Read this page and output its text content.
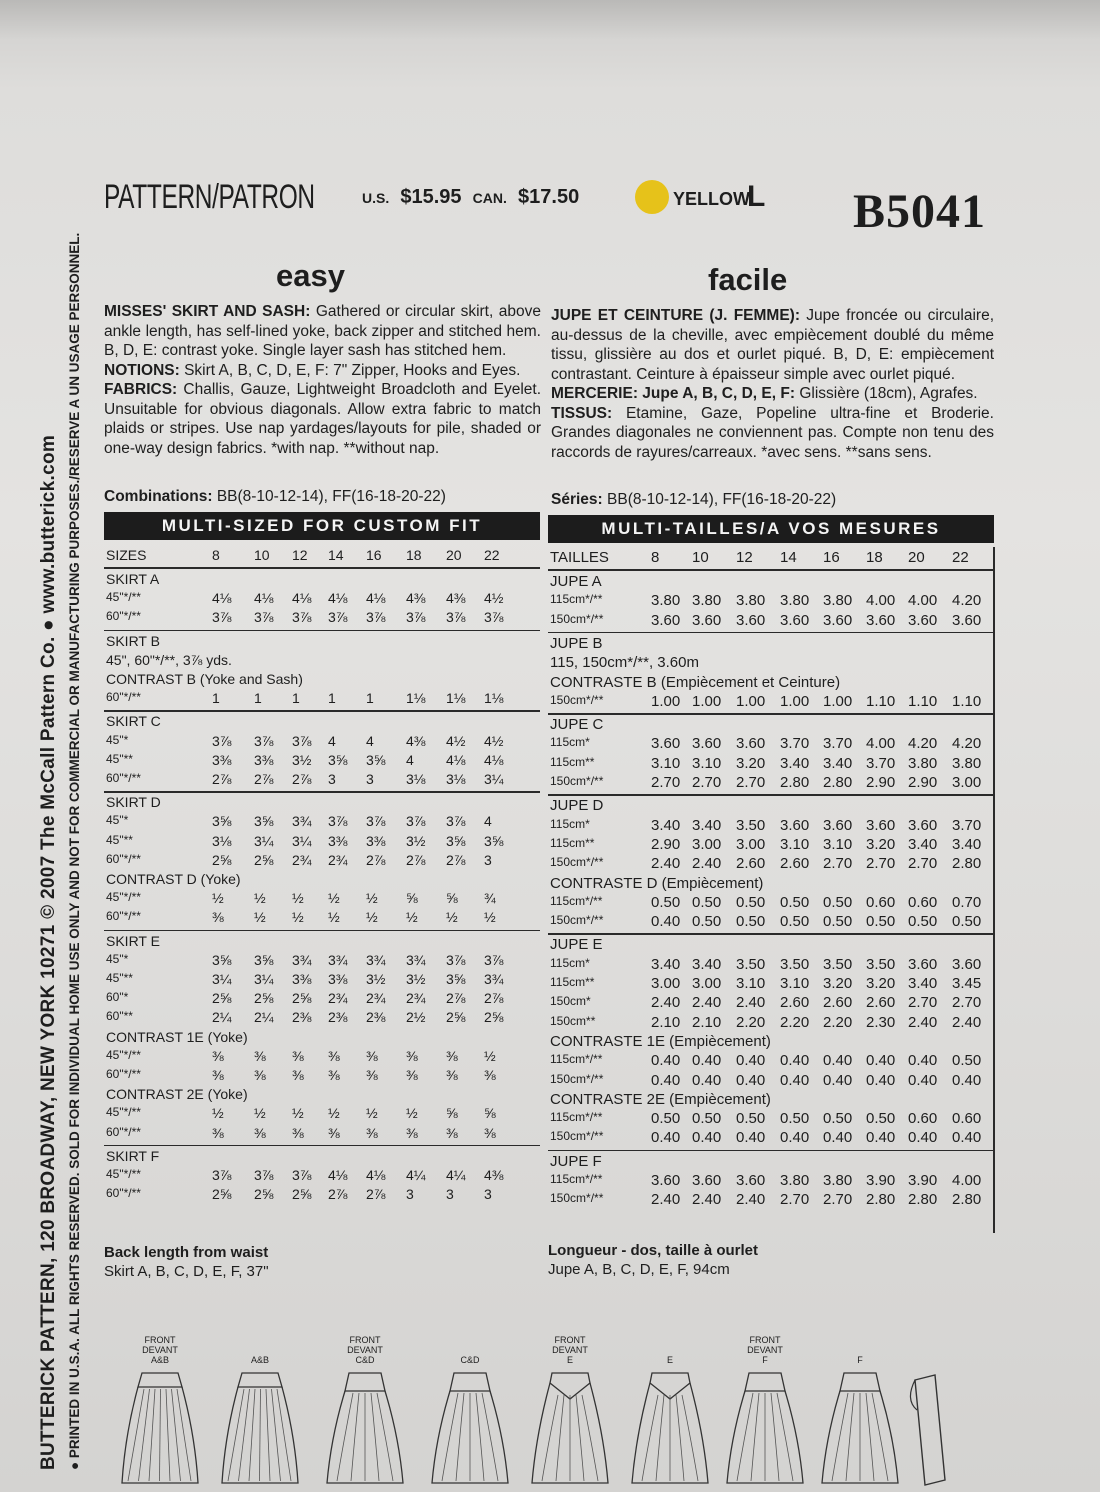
BUTTERICK PATTERN, 120 BROADWAY, NEW YORK 10271 © 2007 The McCall Pattern Co. ● www.butterick.com ● PRINTED IN U.S.A. ALL RIGHTS RESERVED. SOLD FOR INDIVIDUAL HOME USE ONLY AND NOT FOR COMMERCIAL OR MANUFACTURING PURPOSES./RESERVE A UN USAGE PERSONNEL.
PATTERN/PATRON	U.S. $15.95 CAN. $17.50	YELLOW
L B5041
easy	facile

MISSES' SKIRT AND SASH: Gathered or circular skirt, above ankle length, has self-lined yoke, back zipper and stitched hem. B, D, E: contrast yoke. Single layer sash has stitched hem.

NOTIONS: Skirt A, B, C, D, E, F: 7" Zipper, Hooks and Eyes.

FABRICS: Challis, Gauze, Lightweight Broadcloth and Eyelet. Unsuitable for obvious diagonals. Allow extra fabric to match plaids or stripes. Use nap yardages/layouts for pile, shaded or one-way design fabrics. *with nap. **without nap.

Combinations: BB(8-10-12-14), FF(16-18-20-22)

JUPE ET CEINTURE (J. FEMME): Jupe froncée ou circulaire, au-dessus de la cheville, avec empiècement doublé du même tissu, glissière au dos et ourlet piqué. B, D, E: empiècement contrastant. Ceinture à épaisseur simple avec ourlet piqué.

MERCERIE: Jupe A, B, C, D, E, F: Glissière (18cm), Agrafes.

TISSUS: Etamine, Gaze, Popeline ultra-fine et Broderie. Grandes diagonales ne conviennent pas. Compte non tenu des raccords de rayures/carreaux. *avec sens. **sans sens.

Séries: BB(8-10-12-14), FF(16-18-20-22)
MULTI-SIZED FOR CUSTOM FIT	MULTI-TAILLES/A VOS MESURES
SIZES	8 10 12 14 16 18 20 22
SKIRT A
45"*/**	4⅛ 4⅛ 4⅛ 4⅛ 4⅛ 4⅜ 4⅜ 4½
60"*/**	3⅞ 3⅞ 3⅞ 3⅞ 3⅞ 3⅞ 3⅞ 3⅞
SKIRT B
45", 60"*/**, 3⅞ yds.
CONTRAST B (Yoke and Sash)
60"*/**	1 1 1 1 1 1⅛ 1⅛ 1⅛
SKIRT C
45"*	3⅞ 3⅞ 3⅞ 4 4 4⅜ 4½ 4½
45"**	3⅜ 3⅜ 3½ 3⅝ 3⅝ 4 4⅛ 4⅛
60"*/**	2⅞ 2⅞ 2⅞ 3 3 3⅛ 3⅛ 3¼
SKIRT D
45"*	3⅝ 3⅝ 3¾ 3⅞ 3⅞ 3⅞ 3⅞ 4
45"**	3⅛ 3¼ 3¼ 3⅜ 3⅜ 3½ 3⅝ 3⅝
60"*/**	2⅝ 2⅝ 2¾ 2¾ 2⅞ 2⅞ 2⅞ 3
CONTRAST D (Yoke)
45"*/**	½ ½ ½ ½ ½ ⅝ ⅝ ¾
60"*/**	⅜ ½ ½ ½ ½ ½ ½ ½
SKIRT E
45"*	3⅝ 3⅝ 3¾ 3¾ 3¾ 3¾ 3⅞ 3⅞
45"**	3¼ 3¼ 3⅜ 3⅜ 3½ 3½ 3⅝ 3¾
60"*	2⅝ 2⅝ 2⅝ 2¾ 2¾ 2¾ 2⅞ 2⅞
60"**	2¼ 2¼ 2⅜ 2⅜ 2⅜ 2½ 2⅝ 2⅝
CONTRAST 1E (Yoke)
45"*/**	⅜ ⅜ ⅜ ⅜ ⅜ ⅜ ⅜ ½
60"*/**	⅜ ⅜ ⅜ ⅜ ⅜ ⅜ ⅜ ⅜
CONTRAST 2E (Yoke)
45"*/**	½ ½ ½ ½ ½ ½ ⅝ ⅝
60"*/**	⅜ ⅜ ⅜ ⅜ ⅜ ⅜ ⅜ ⅜
SKIRT F
45"*/**	3⅞ 3⅞ 3⅞ 4⅛ 4⅛ 4¼ 4¼ 4⅜
60"*/**	2⅝ 2⅝ 2⅝ 2⅞ 2⅞ 3 3 3
TAILLES	8 10 12 14 16 18 20 22
JUPE A
115cm*/**	3.80 3.80 3.80 3.80 3.80 4.00 4.00 4.20
150cm*/**	3.60 3.60 3.60 3.60 3.60 3.60 3.60 3.60
JUPE B
115, 150cm*/**, 3.60m
CONTRASTE B (Empiècement et Ceinture)
150cm*/**	1.00 1.00 1.00 1.00 1.00 1.10 1.10 1.10
JUPE C
115cm*	3.60 3.60 3.60 3.70 3.70 4.00 4.20 4.20
115cm**	3.10 3.10 3.20 3.40 3.40 3.70 3.80 3.80
150cm*/**	2.70 2.70 2.70 2.80 2.80 2.90 2.90 3.00
JUPE D
115cm*	3.40 3.40 3.50 3.60 3.60 3.60 3.60 3.70
115cm**	2.90 3.00 3.00 3.10 3.10 3.20 3.40 3.40
150cm*/**	2.40 2.40 2.60 2.60 2.70 2.70 2.70 2.80
CONTRASTE D (Empiècement)
115cm*/**	0.50 0.50 0.50 0.50 0.50 0.60 0.60 0.70
150cm*/**	0.40 0.50 0.50 0.50 0.50 0.50 0.50 0.50
JUPE E
115cm*	3.40 3.40 3.50 3.50 3.50 3.50 3.60 3.60
115cm**	3.00 3.00 3.10 3.10 3.20 3.20 3.40 3.45
150cm*	2.40 2.40 2.40 2.60 2.60 2.60 2.70 2.70
150cm**	2.10 2.10 2.20 2.20 2.20 2.30 2.40 2.40
CONTRASTE 1E (Empiècement)
115cm*/**	0.40 0.40 0.40 0.40 0.40 0.40 0.40 0.50
150cm*/**	0.40 0.40 0.40 0.40 0.40 0.40 0.40 0.40
CONTRASTE 2E (Empiècement)
115cm*/**	0.50 0.50 0.50 0.50 0.50 0.50 0.60 0.60
150cm*/**	0.40 0.40 0.40 0.40 0.40 0.40 0.40 0.40
JUPE F
115cm*/**	3.60 3.60 3.60 3.80 3.80 3.90 3.90 4.00
150cm*/**	2.40 2.40 2.40 2.70 2.70 2.80 2.80 2.80
Back length from waist
Skirt A, B, C, D, E, F, 37"
Longueur - dos, taille à ourlet
Jupe A, B, C, D, E, F, 94cm
FRONT
DEVANT
A&B	A&B
FRONT
DEVANT
C&D	C&D
FRONT
DEVANT
E	E
FRONT
DEVANT
F	F
